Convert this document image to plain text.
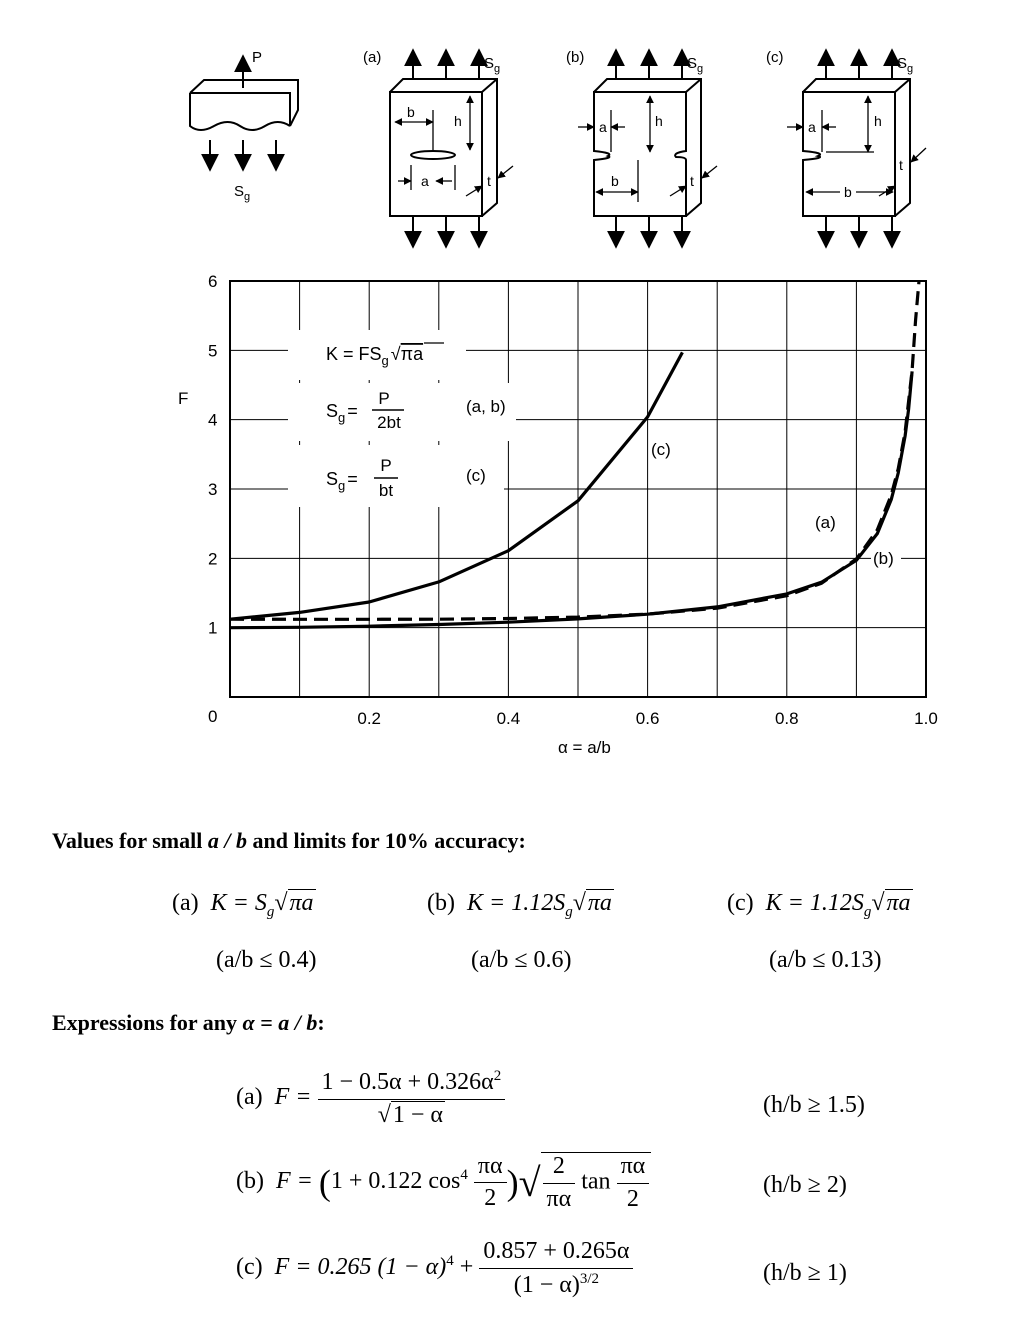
P
$S_g$
(a)	$S_g$
b
h
a	t
(b)	$S_g$
a	h
b	t
(c)	$S_g$
a	h
b
t
1
2
3
4
5
6
0.2	0.4	0.6	0.8	1.0
F
0
α = a/b
$K = FS_g$ √πa
$S_g$ =
P
2bt
(a, b)
$S_g$ =
P
bt
(c)
(c)
(a)
(b)
Values for small a / b and limits for 10% accuracy:
(a) $K = S_g√\pi a$	(b) $K = 1.12S_g√\pi a$	(c) $K = 1.12S_g√\pi a$
(a/b ≤ 0.4)	(a/b ≤ 0.6)	(a/b ≤ 0.13)
Expressions for any α = a / b:
(a) $F = \frac{1 - 0.5\alpha + 0.326\alpha^2}{√1 - \alpha}$	(h/b ≥ 1.5)
(b) F = (1 + 0.122 $\cos^4 \frac{\pi\alpha}{2}$ )√ $\frac{2}{\pi\alpha}$ $\tan \frac{\pi\alpha}{2}$	(h/b ≥ 2)
(c) F = 0.265 $(1 - \alpha)^4 + \frac{0.857 + 0.265\alpha}{(1 - \alpha)^{3/2}}$	(h/b ≥ 1)
